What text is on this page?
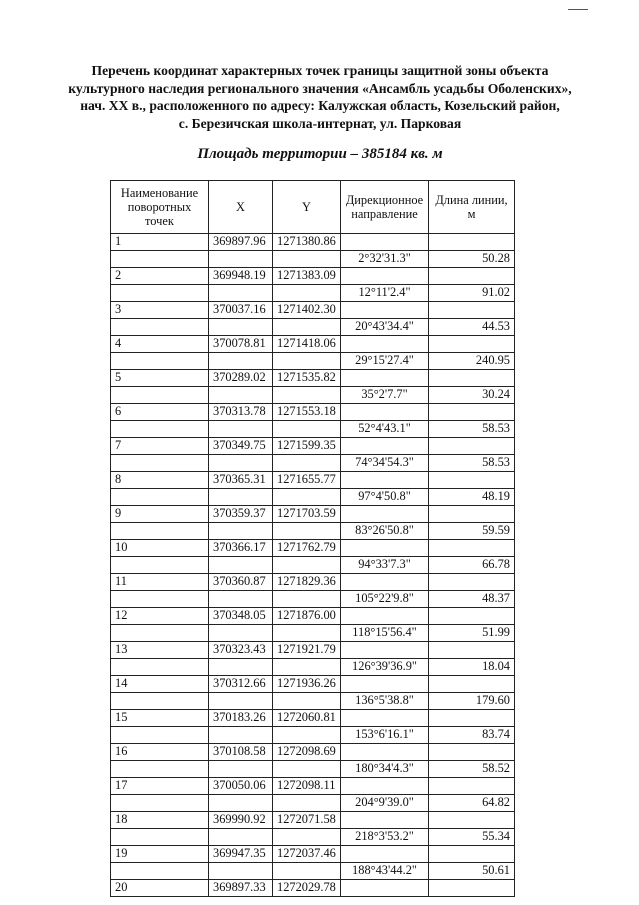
Перечень координат характерных точек границы защитной зоны объекта
культурного наследия регионального значения «Ансамбль усадьбы Оболенских»,
нач. XX в., расположенного по адресу: Калужская область, Козельский район,
с. Березичская школа-интернат, ул. Парковая
Площадь территории – 385184 кв. м
Наименование поворотных точек	X	Y	Дирекционное направление	Длина линии, м
1	369897.96	1271380.86		
			2°32'31.3"	50.28
2	369948.19	1271383.09		
			12°11'2.4"	91.02
3	370037.16	1271402.30		
			20°43'34.4"	44.53
4	370078.81	1271418.06		
			29°15'27.4"	240.95
5	370289.02	1271535.82		
			35°2'7.7"	30.24
6	370313.78	1271553.18		
			52°4'43.1"	58.53
7	370349.75	1271599.35		
			74°34'54.3"	58.53
8	370365.31	1271655.77		
			97°4'50.8"	48.19
9	370359.37	1271703.59		
			83°26'50.8"	59.59
10	370366.17	1271762.79		
			94°33'7.3"	66.78
11	370360.87	1271829.36		
			105°22'9.8"	48.37
12	370348.05	1271876.00		
			118°15'56.4"	51.99
13	370323.43	1271921.79		
			126°39'36.9"	18.04
14	370312.66	1271936.26		
			136°5'38.8"	179.60
15	370183.26	1272060.81		
			153°6'16.1"	83.74
16	370108.58	1272098.69		
			180°34'4.3"	58.52
17	370050.06	1272098.11		
			204°9'39.0"	64.82
18	369990.92	1272071.58		
			218°3'53.2"	55.34
19	369947.35	1272037.46		
			188°43'44.2"	50.61
20	369897.33	1272029.78		
